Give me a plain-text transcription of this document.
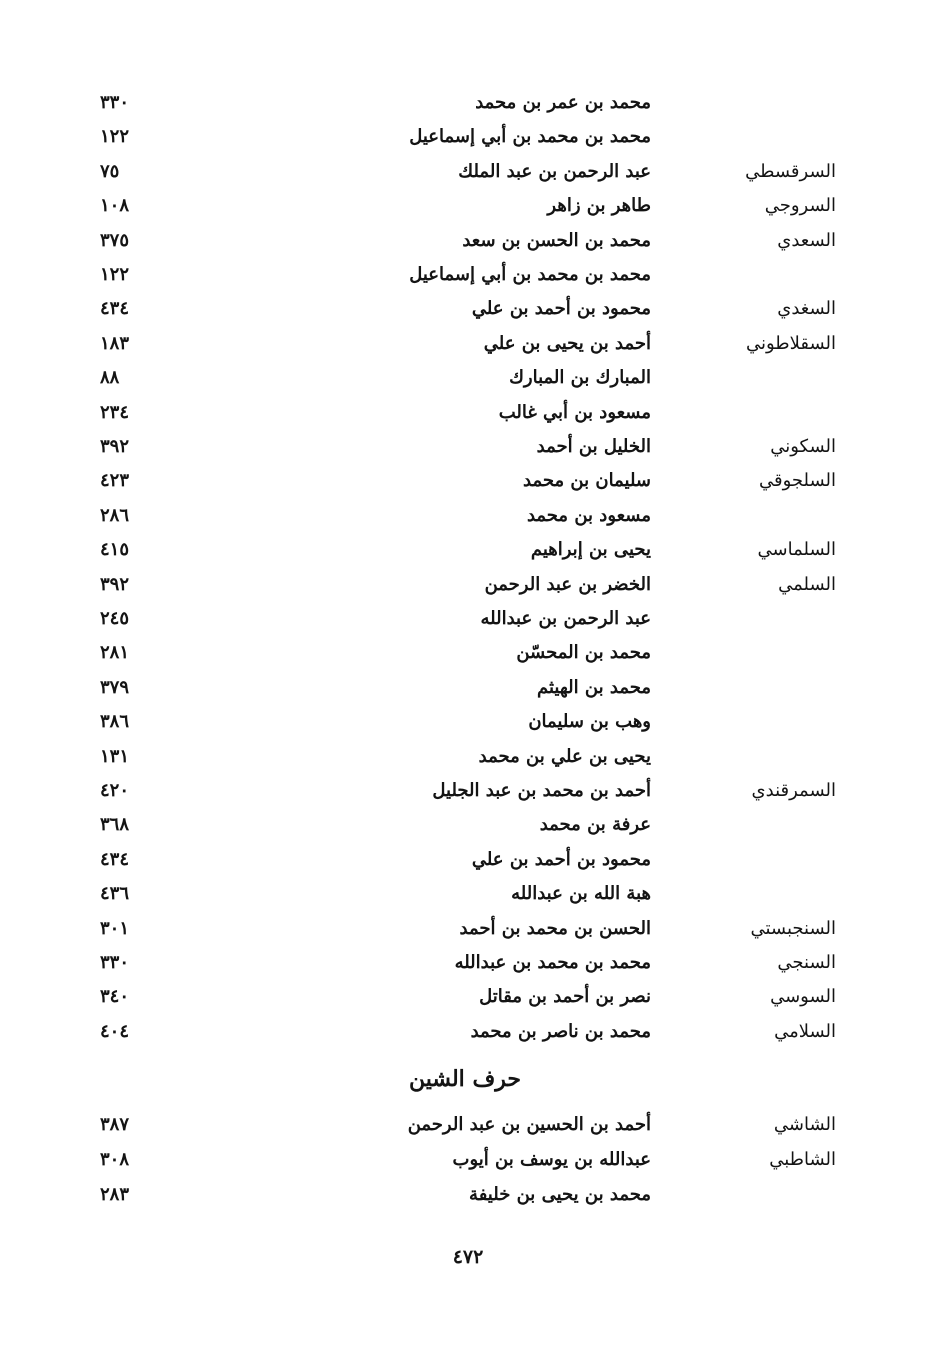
محمد بن عمر بن محمد
٣٣٠
محمد بن محمد بن أبي إسماعيل
١٢٢
السرقسطي
عبد الرحمن بن عبد الملك
٧٥
السروجي
طاهر بن زاهر
١٠٨
السعدي
محمد بن الحسن بن سعد
٣٧٥
محمد بن محمد بن أبي إسماعيل
١٢٢
السغدي
محمود بن أحمد بن علي
٤٣٤
السقلاطوني
أحمد بن يحيى بن علي
١٨٣
المبارك بن المبارك
٨٨
مسعود بن أبي غالب
٢٣٤
السكوني
الخليل بن أحمد
٣٩٢
السلجوقي
سليمان بن محمد
٤٢٣
مسعود بن محمد
٢٨٦
السلماسي
يحيى بن إبراهيم
٤١٥
السلمي
الخضر بن عبد الرحمن
٣٩٢
عبد الرحمن بن عبدالله
٢٤٥
محمد بن المحسّن
٢٨١
محمد بن الهيثم
٣٧٩
وهب بن سليمان
٣٨٦
يحيى بن علي بن محمد
١٣١
السمرقندي
أحمد بن محمد بن عبد الجليل
٤٢٠
عرفة بن محمد
٣٦٨
محمود بن أحمد بن علي
٤٣٤
هبة الله بن عبدالله
٤٣٦
السنجبستي
الحسن بن محمد بن أحمد
٣٠١
السنجي
محمد بن محمد بن عبدالله
٣٣٠
السوسي
نصر بن أحمد بن مقاتل
٣٤٠
السلامي
محمد بن ناصر بن محمد
٤٠٤
حرف الشين
الشاشي
أحمد بن الحسين بن عبد الرحمن
٣٨٧
الشاطبي
عبدالله بن يوسف بن أيوب
٣٠٨
محمد بن يحيى بن خليفة
٢٨٣
٤٧٢
